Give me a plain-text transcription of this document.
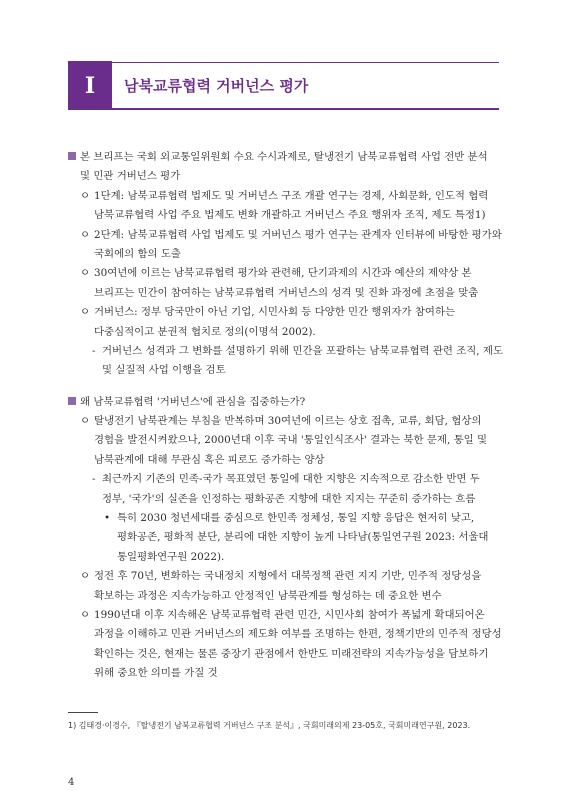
I	남북교류협력 거버넌스 평가
본 브리프는 국회 외교통일위원회 수요 수시과제로, 탈냉전기 남북교류협력 사업 전반 분석
및 민관 거버넌스 평가
ㅇ 1단계: 남북교류협력 법제도 및 거버넌스 구조 개괄 연구는 경제, 사회문화, 인도적 협력
남북교류협력 사업 주요 법제도 변화 개괄하고 거버넌스 주요 행위자 조직, 제도 특정1)
ㅇ 2단계: 남북교류협력 사업 법제도 및 거버넌스 평가 연구는 관계자 인터뷰에 바탕한 평가와
국회에의 함의 도출
ㅇ 30여년에 이르는 남북교류협력 평가와 관련해, 단기과제의 시간과 예산의 제약상 본
브리프는 민간이 참여하는 남북교류협력 거버넌스의 성격 및 진화 과정에 초점을 맞춤
ㅇ 거버넌스: 정부 당국만이 아닌 기업, 시민사회 등 다양한 민간 행위자가 참여하는
다중심적이고 분권적 협치로 정의(이명석 2002).
- 거버넌스 성격과 그 변화를 설명하기 위해 민간을 포괄하는 남북교류협력 관련 조직, 제도
및 실질적 사업 이행을 검토
왜 남북교류협력 '거버넌스'에 관심을 집중하는가?
ㅇ 탈냉전기 남북관계는 부침을 반복하며 30여년에 이르는 상호 접촉, 교류, 회담, 협상의
경험을 발전시켜왔으나, 2000년대 이후 국내 '통일인식조사' 결과는 북한 문제, 통일 및
남북관계에 대해 무관심 혹은 피로도 증가하는 양상
- 최근까지 기존의 민족-국가 목표였던 통일에 대한 지향은 지속적으로 감소한 반면 두
정부, '국가'의 실존을 인정하는 평화공존 지향에 대한 지지는 꾸준히 증가하는 흐름
• 특히 2030 청년세대를 중심으로 한민족 정체성, 통일 지향 응답은 현저히 낮고,
평화공존, 평화적 분단, 분리에 대한 지향이 높게 나타남(통일연구원 2023: 서울대
통일평화연구원 2022).
ㅇ 정전 후 70년, 변화하는 국내정치 지형에서 대북정책 관련 지지 기반, 민주적 정당성을
확보하는 과정은 지속가능하고 안정적인 남북관계를 형성하는 데 중요한 변수
ㅇ 1990년대 이후 지속해온 남북교류협력 관련 민간, 시민사회 참여가 폭넓게 확대되어온
과정을 이해하고 민관 거버넌스의 제도화 여부를 조명하는 한편, 정책기반의 민주적 정당성
확인하는 것은, 현재는 물론 중장기 관점에서 한반도 미래전략의 지속가능성을 담보하기
위해 중요한 의미를 가질 것
1) 김태경·이경수, 『탈냉전기 남북교류협력 거버넌스 구조 분석』, 국회미래의제 23-05호, 국회미래연구원, 2023.
4
